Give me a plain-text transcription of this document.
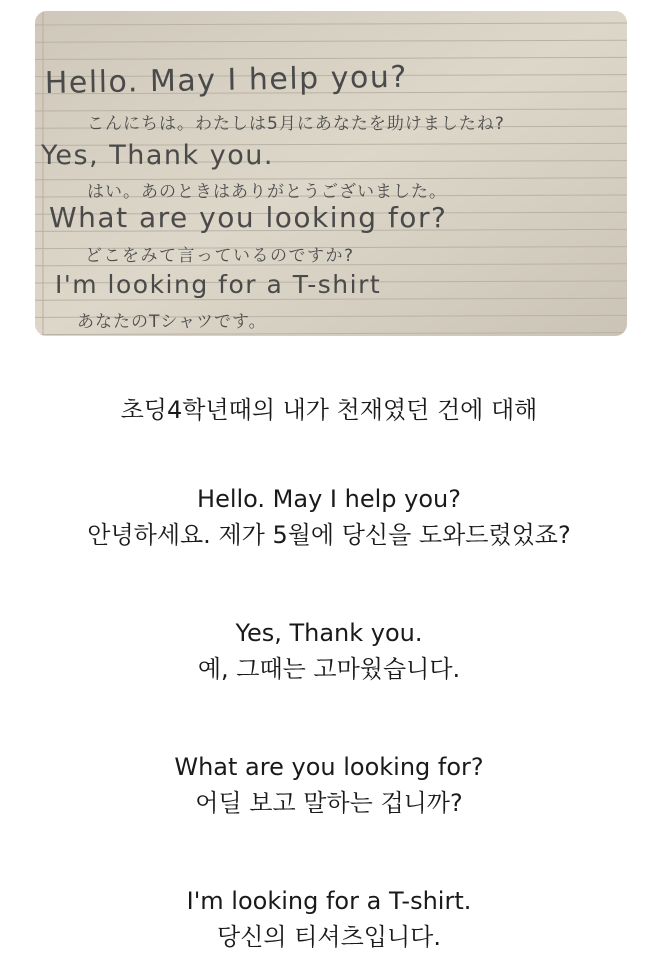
Hello. May I help you?
こんにちは。わたしは5月にあなたを助けましたね?
Yes, Thank you.
はい。あのときはありがとうございました。
What are you looking for?
どこをみて言っているのですか?
I'm looking for a T-shirt
あなたのTシャツです。
초딩4학년때의 내가 천재였던 건에 대해
Hello. May I help you?
안녕하세요. 제가 5월에 당신을 도와드렸었죠?
Yes, Thank you.
예, 그때는 고마웠습니다.
What are you looking for?
어딜 보고 말하는 겁니까?
I'm looking for a T-shirt.
당신의 티셔츠입니다.
